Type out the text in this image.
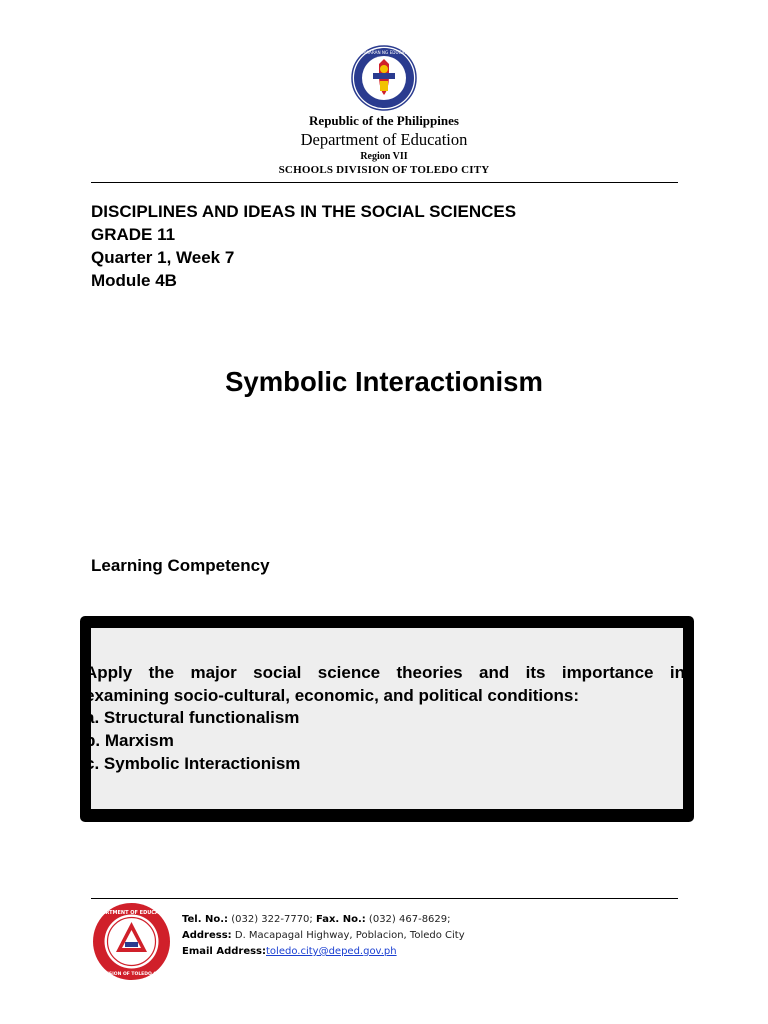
KAGAWARAN NG EDUCATION
Republic of the Philippines
Department of Education
Region VII
SCHOOLS DIVISION OF TOLEDO CITY
DISCIPLINES AND IDEAS IN THE SOCIAL SCIENCES
GRADE 11
Quarter 1, Week 7
Module 4B
Symbolic Interactionism
Learning Competency
Apply the major social science theories and its importance in
examining socio-cultural, economic, and political conditions:
a. Structural functionalism
b. Marxism
c. Symbolic Interactionism
DEPARTMENT OF EDUCATION
DIVISION OF TOLEDO CITY
Tel. No.: (032) 322-7770; Fax. No.: (032) 467-8629;
Address: D. Macapagal Highway, Poblacion, Toledo City
Email Address:toledo.city@deped.gov.ph
